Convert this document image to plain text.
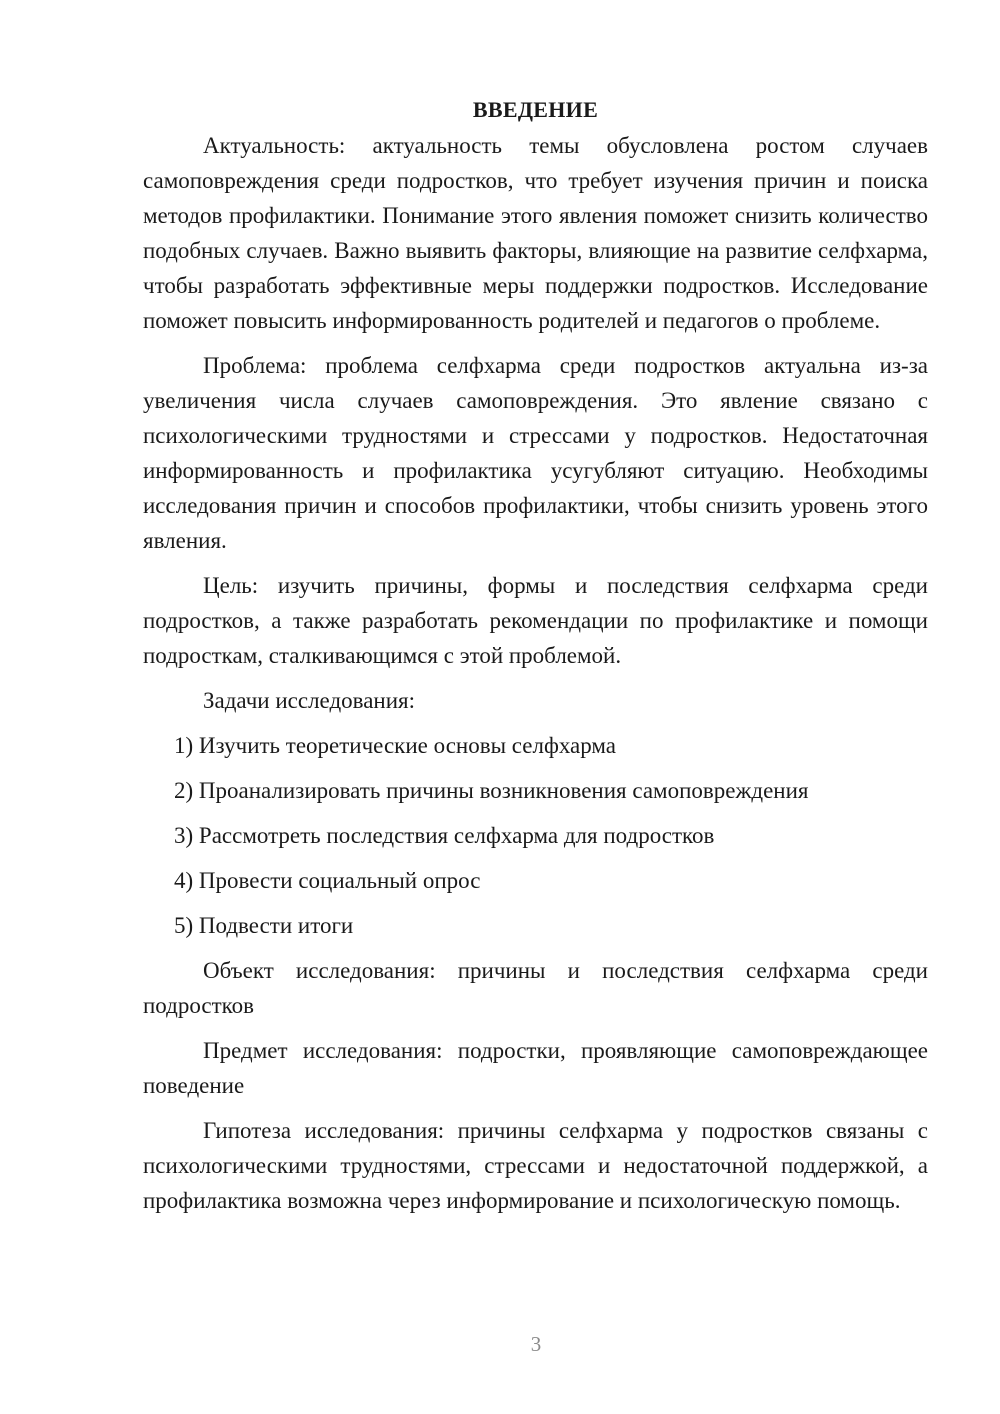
ВВЕДЕНИЕ

Актуальность: актуальность темы обусловлена ростом случаев самоповреждения среди подростков, что требует изучения причин и поиска методов профилактики. Понимание этого явления поможет снизить количество подобных случаев. Важно выявить факторы, влияющие на развитие селфхарма, чтобы разработать эффективные меры поддержки подростков. Исследование поможет повысить информированность родителей и педагогов о проблеме.

Проблема: проблема селфхарма среди подростков актуальна из-за увеличения числа случаев самоповреждения. Это явление связано с психологическими трудностями и стрессами у подростков. Недостаточная информированность и профилактика усугубляют ситуацию. Необходимы исследования причин и способов профилактики, чтобы снизить уровень этого явления.

Цель: изучить причины, формы и последствия селфхарма среди подростков, а также разработать рекомендации по профилактике и помощи подросткам, сталкивающимся с этой проблемой.

Задачи исследования:

1) Изучить теоретические основы селфхарма
2) Проанализировать причины возникновения самоповреждения
3) Рассмотреть последствия селфхарма для подростков
4) Провести социальный опрос
5) Подвести итоги

Объект исследования: причины и последствия селфхарма среди подростков

Предмет исследования: подростки, проявляющие самоповреждающее поведение

Гипотеза исследования: причины селфхарма у подростков связаны с психологическими трудностями, стрессами и недостаточной поддержкой, а профилактика возможна через информирование и психологическую помощь.

3
